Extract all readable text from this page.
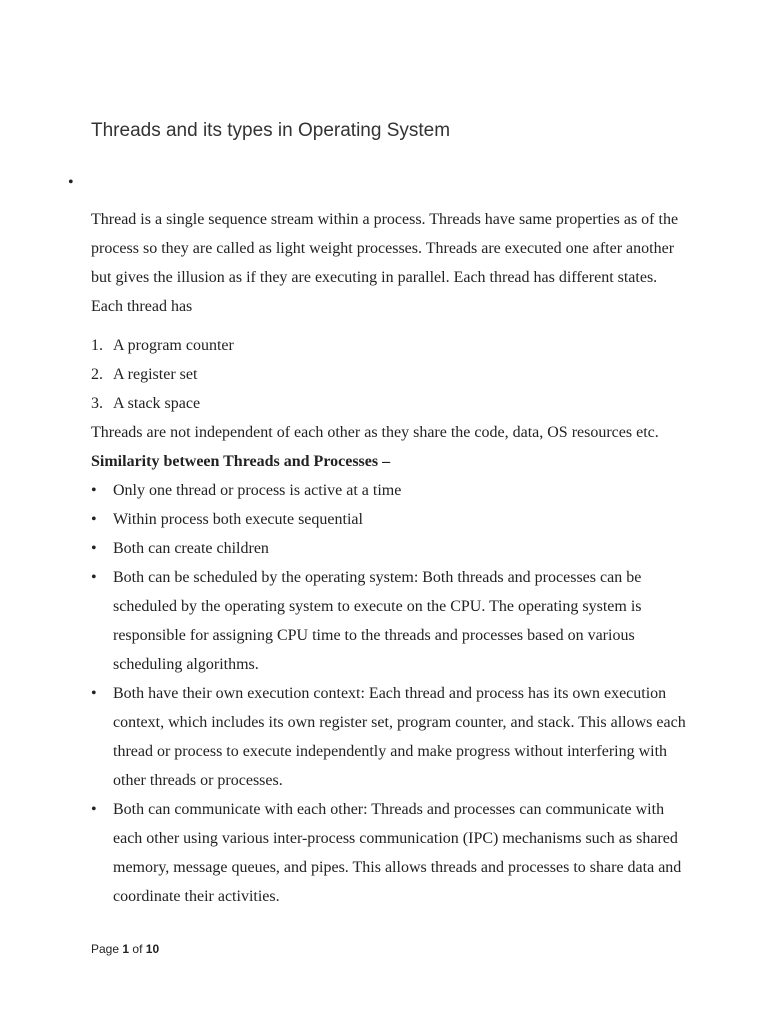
Threads and its types in Operating System
•

Thread is a single sequence stream within a process. Threads have same properties as of the process so they are called as light weight processes. Threads are executed one after another but gives the illusion as if they are executing in parallel. Each thread has different states. Each thread has

1. A program counter
2. A register set
3. A stack space

Threads are not independent of each other as they share the code, data, OS resources etc.

Similarity between Threads and Processes –

• Only one thread or process is active at a time
• Within process both execute sequential
• Both can create children
• Both can be scheduled by the operating system: Both threads and processes can be scheduled by the operating system to execute on the CPU. The operating system is responsible for assigning CPU time to the threads and processes based on various scheduling algorithms.
• Both have their own execution context: Each thread and process has its own execution context, which includes its own register set, program counter, and stack. This allows each thread or process to execute independently and make progress without interfering with other threads or processes.
• Both can communicate with each other: Threads and processes can communicate with each other using various inter-process communication (IPC) mechanisms such as shared memory, message queues, and pipes. This allows threads and processes to share data and coordinate their activities.
Page 1 of 10
